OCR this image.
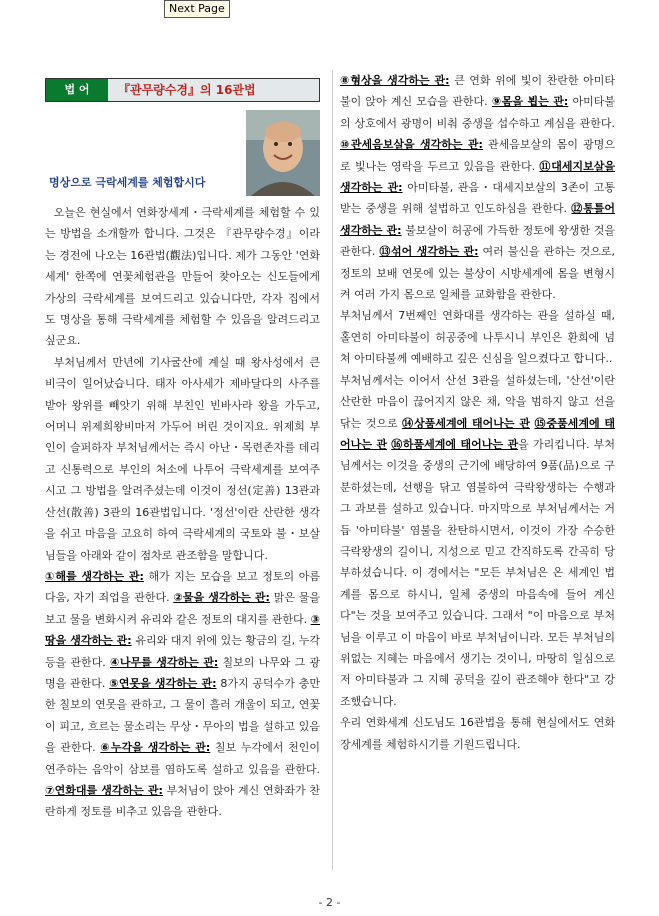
Next Page
법 어	『관무량수경』의 16관법
명상으로 극락세계를 체험합시다

오늘은 현실에서 연화장세계・극락세계를 체험할 수 있는 방법을 소개할까 합니다. 그것은 『관무량수경』이라는 경전에 나오는 16관법(觀法)입니다. 제가 그동안 '연화세계' 한쪽에 연꽃체험관을 만들어 찾아오는 신도들에게 가상의 극락세계를 보여드리고 있습니다만, 각자 집에서도 명상을 통해 극락세계를 체험할 수 있음을 알려드리고 싶군요.

부처님께서 만년에 기사굴산에 계실 때 왕사성에서 큰 비극이 일어났습니다. 태자 아사세가 제바달다의 사주를 받아 왕위를 빼앗기 위해 부친인 빈바사라 왕을 가두고, 어머니 위제희왕비마저 가두어 버린 것이지요. 위제희 부인이 슬퍼하자 부처님께서는 즉시 아난・목련존자를 데리고 신통력으로 부인의 처소에 나투어 극락세계를 보여주시고 그 방법을 알려주셨는데 이것이 정선(定善) 13관과 산선(散善) 3관의 16관법입니다. '정선'이란 산란한 생각을 쉬고 마음을 고요히 하여 극락세계의 국토와 불・보살님들을 아래와 같이 점차로 관조함을 말합니다.

①해를 생각하는 관: 해가 지는 모습을 보고 정토의 아름다움, 자기 죄업을 관한다. ②물을 생각하는 관: 맑은 물을 보고 물을 변화시켜 유리와 같은 정토의 대지를 관한다. ③땅을 생각하는 관: 유리와 대지 위에 있는 황금의 길, 누각 등을 관한다. ④나무를 생각하는 관: 칠보의 나무와 그 광명을 관한다. ⑤연못을 생각하는 관: 8가지 공덕수가 충만한 칠보의 연못을 관하고, 그 물이 흘러 개울이 되고, 연꽃이 피고, 흐르는 물소리는 무상・무아의 법을 설하고 있음을 관한다. ⑥누각을 생각하는 관: 칠보 누각에서 천인이 연주하는 음악이 삼보를 염하도록 설하고 있음을 관한다. ⑦연화대를 생각하는 관: 부처님이 앉아 계신 연화좌가 찬란하게 정토를 비추고 있음을 관한다.

⑧형상을 생각하는 관: 큰 연화 위에 빛이 찬란한 아미타불이 앉아 계신 모습을 관한다. ⑨몸을 뵙는 관: 아미타불의 상호에서 광명이 비춰 중생을 섭수하고 계심을 관한다. ⑩관세음보살을 생각하는 관: 관세음보살의 몸이 광명으로 빛나는 영락을 두르고 있음을 관한다. ⑪대세지보살을 생각하는 관: 아미타불, 관음・대세지보살의 3존이 고통받는 중생을 위해 설법하고 인도하심을 관한다. ⑫통틀어 생각하는 관: 불보살이 허공에 가득한 정토에 왕생한 것을 관한다. ⑬섞어 생각하는 관: 여러 불신을 관하는 것으로, 정토의 보배 연못에 있는 불상이 시방세계에 몸을 변형시켜 여러 가지 몸으로 일체를 교화함을 관한다.

부처님께서 7번째인 연화대를 생각하는 관을 설하실 때, 홀연히 아미타불이 허공중에 나투시니 부인은 환희에 넘쳐 아미타불께 예배하고 깊은 신심을 일으켰다고 합니다..

부처님께서는 이어서 산선 3관을 설하셨는데, '산선'이란 산란한 마음이 끊어지지 않은 채, 악을 범하지 않고 선을 닦는 것으로 ⑭상품세계에 태어나는 관 ⑮중품세계에 태어나는 관 ⑯하품세계에 태어나는 관을 가리킵니다. 부처님께서는 이것을 중생의 근기에 배당하여 9품(品)으로 구분하셨는데, 선행을 닦고 염불하여 극락왕생하는 수행과 그 과보를 설하고 있습니다. 마지막으로 부처님께서는 거듭 '아미타불' 염불을 찬탄하시면서, 이것이 가장 수승한 극락왕생의 길이니, 지성으로 믿고 간직하도록 간곡히 당부하셨습니다. 이 경에서는 "모든 부처님은 온 세계인 법계를 몸으로 하시니, 일체 중생의 마음속에 들어 계신다"는 것을 보여주고 있습니다. 그래서 "이 마음으로 부처님을 이루고 이 마음이 바로 부처님이니라. 모든 부처님의 위없는 지혜는 마음에서 생기는 것이니, 마땅히 일심으로 저 아미타불과 그 지혜 공덕을 깊이 관조해야 한다"고 강조했습니다.

우리 연화세계 신도님도 16관법을 통해 현실에서도 연화장세계를 체험하시기를 기원드립니다.

- 2 -
